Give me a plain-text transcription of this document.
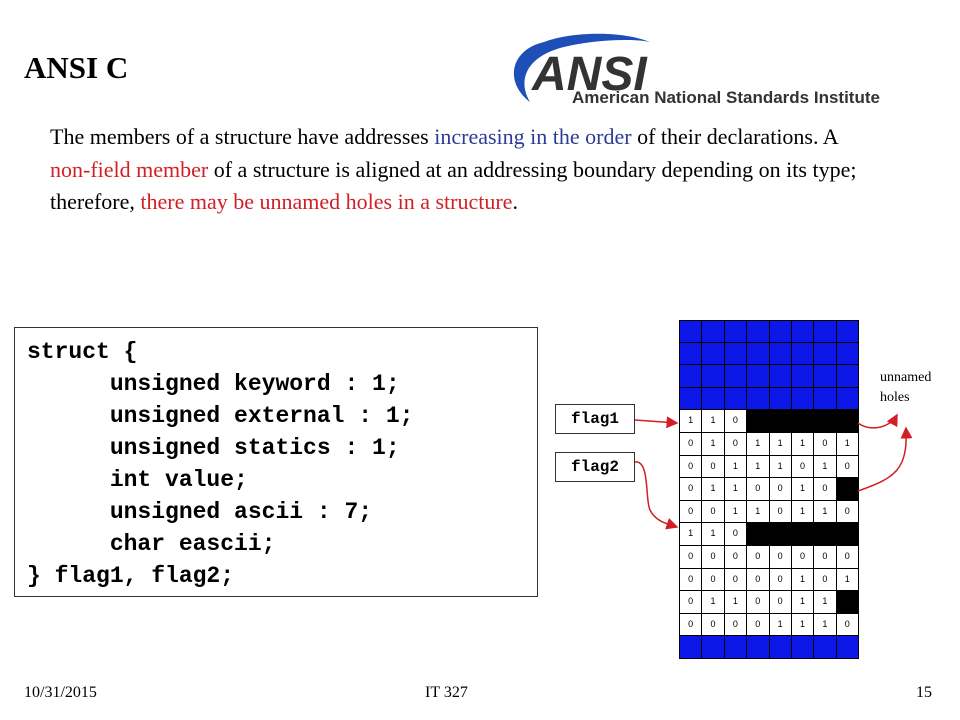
ANSI C	ANSI
American National Standards Institute

The members of a structure have addresses increasing in the order of their declarations. A non-field member of a structure is aligned at an addressing boundary depending on its type; therefore, there may be unnamed holes in a structure.

struct {
unsigned keyword : 1;
unsigned external : 1;
unsigned statics : 1;
int value;
unsigned ascii : 7;
char eascii;
} flag1, flag2;
flag1
flag2
1	1	0
0	1	0	1	1	1	0	1
0	0	1	1	1	0	1	0
0	1	1	0	0	1	0
0	0	1	1	0	1	1	0
1	1	0
0	0	0	0	0	0	0	0
0	0	0	0	0	1	0	1
0	1	1	0	0	1	1
0	0	0	0	1	1	1	0
unnamed
holes
10/31/2015	IT 327	15
